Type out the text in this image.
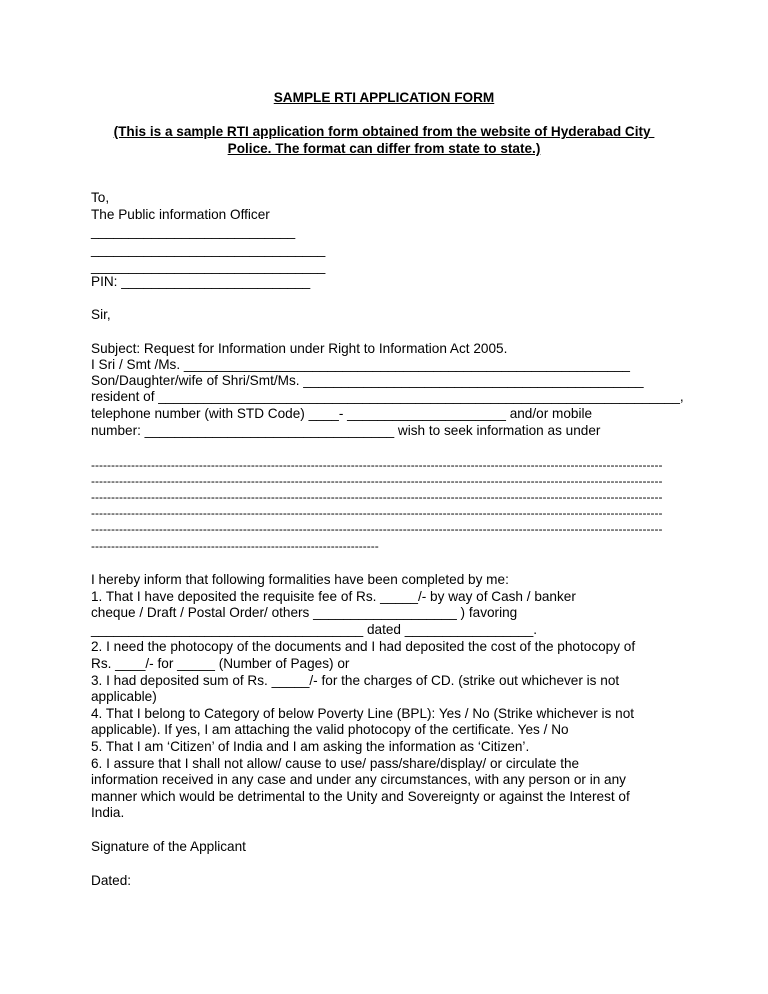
SAMPLE RTI APPLICATION FORM
(This is a sample RTI application form obtained from the website of Hyderabad City
Police. The format can differ from state to state.)
To,
The Public information Officer
___________________________
_______________________________
_______________________________
PIN: _________________________
Sir,
Subject: Request for Information under Right to Information Act 2005.
I Sri / Smt /Ms. ___________________________________________________________
Son/Daughter/wife of Shri/Smt/Ms. _____________________________________________
resident of _____________________________________________________________________,
telephone number (with STD Code) ____- _____________________ and/or mobile
number: _________________________________ wish to seek information as under
-----------------------------------------------------------------------------------------------------------------------------------------------
-----------------------------------------------------------------------------------------------------------------------------------------------
-----------------------------------------------------------------------------------------------------------------------------------------------
-----------------------------------------------------------------------------------------------------------------------------------------------
-----------------------------------------------------------------------------------------------------------------------------------------------
------------------------------------------------------------------------
I hereby inform that following formalities have been completed by me:
1. That I have deposited the requisite fee of Rs. _____/- by way of Cash / banker
cheque / Draft / Postal Order/ others ___________________ ) favoring
____________________________________ dated _________________.
2. I need the photocopy of the documents and I had deposited the cost of the photocopy of
Rs. ____/- for _____ (Number of Pages) or
3. I had deposited sum of Rs. _____/- for the charges of CD. (strike out whichever is not
applicable)
4. That I belong to Category of below Poverty Line (BPL): Yes / No (Strike whichever is not
applicable). If yes, I am attaching the valid photocopy of the certificate. Yes / No
5. That I am ‘Citizen’ of India and I am asking the information as ‘Citizen’.
6. I assure that I shall not allow/ cause to use/ pass/share/display/ or circulate the
information received in any case and under any circumstances, with any person or in any
manner which would be detrimental to the Unity and Sovereignty or against the Interest of
India.
Signature of the Applicant
Dated:
